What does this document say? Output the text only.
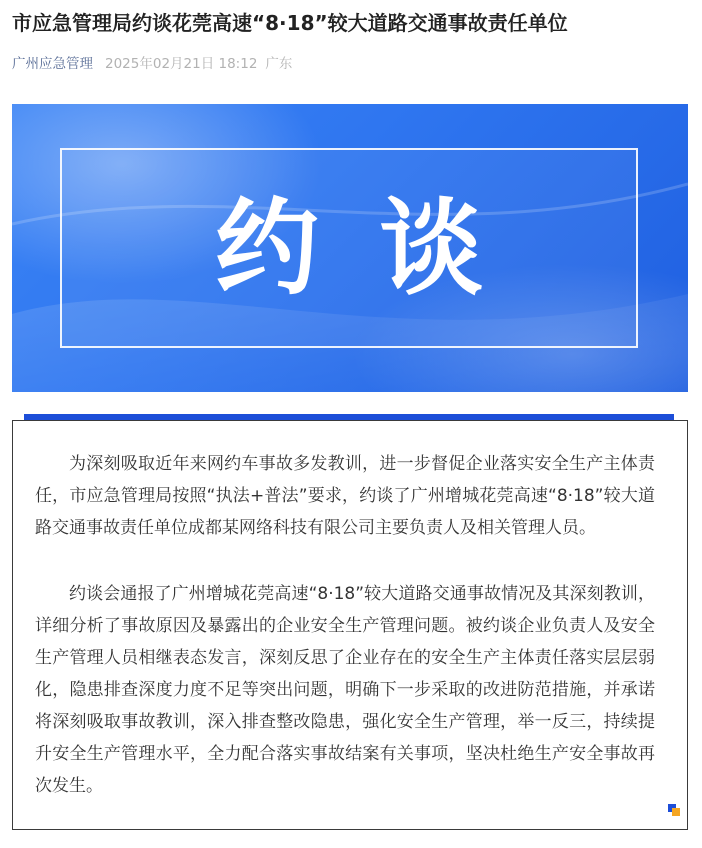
市应急管理局约谈花莞高速“8·18”较大道路交通事故责任单位
广州应急管理 2025年02月21日 18:12 广东
约谈

为深刻吸取近年来网约车事故多发教训，进一步督促企业落实安全生产主体责任，市应急管理局按照“执法+普法”要求，约谈了广州增城花莞高速“8·18”较大道路交通事故责任单位成都某网络科技有限公司主要负责人及相关管理人员。

约谈会通报了广州增城花莞高速“8·18”较大道路交通事故情况及其深刻教训，详细分析了事故原因及暴露出的企业安全生产管理问题。被约谈企业负责人及安全生产管理人员相继表态发言，深刻反思了企业存在的安全生产主体责任落实层层弱化，隐患排查深度力度不足等突出问题，明确下一步采取的改进防范措施，并承诺将深刻吸取事故教训，深入排查整改隐患，强化安全生产管理，举一反三，持续提升安全生产管理水平，全力配合落实事故结案有关事项，坚决杜绝生产安全事故再次发生。
